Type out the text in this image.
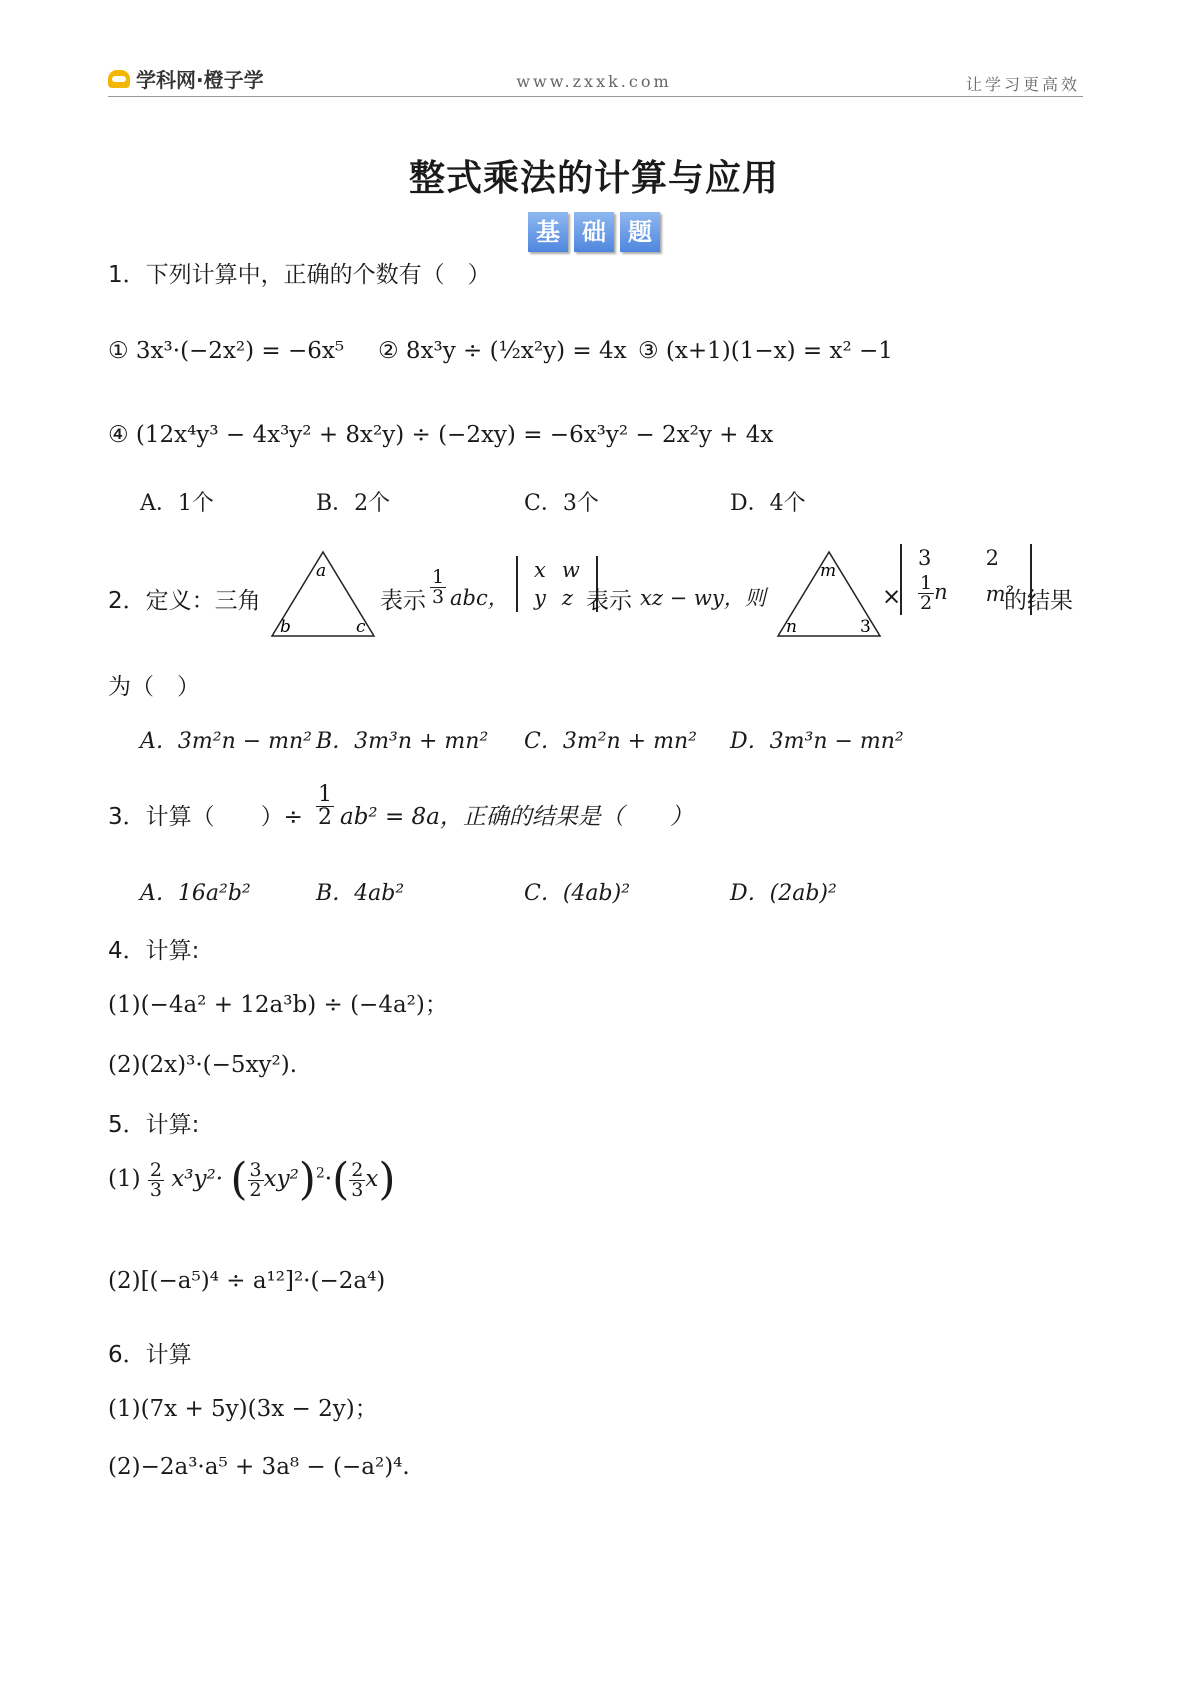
学科网·橙子学	www.zxxk.com	让学习更高效
整式乘法的计算与应用
基 础 题
1．下列计算中，正确的个数有（　）
① 3x³·(−2x²) = −6x⁵ ② 8x³y ÷ (½x²y) = 4x ③ (x+1)(1−x) = x² −1
④ (12x⁴y³ − 4x³y² + 8x²y) ÷ (−2xy) = −6x³y² − 2x²y + 4x
A．1个	B．2个	C．3个	D．4个
2．定义：三角
a
b	c
表示 $\frac{1}{3}$ abc，
x	w
y	z 表示 xz − wy，则
m
n	3
×
3	2

$\frac{1}{2}$ n	m²
的结果
为（　）
A．3m²n − mn² B．3m³n + mn² C．3m²n + mn² D．3m³n − mn²
3．计算（　　）÷ $\frac{1}{2} ab^2 = 8a$，正确的结果是（　　）
A．16a²b²	B．4ab²	C．(4ab)²	D．(2ab)²
4．计算:
(1)(−4a² + 12a³b) ÷ (−4a²)；
(2)(2x)³·(−5xy²).
5．计算:
$(1) \frac{2}{3} x^3y^2\cdot$ ( $\frac{3}{2} xy^2)^2\cdot( \frac{2}{3} x)$
(2)[(−a⁵)⁴ ÷ a¹²]²·(−2a⁴)
6．计算
(1)(7x + 5y)(3x − 2y)；
(2)−2a³·a⁵ + 3a⁸ − (−a²)⁴.
